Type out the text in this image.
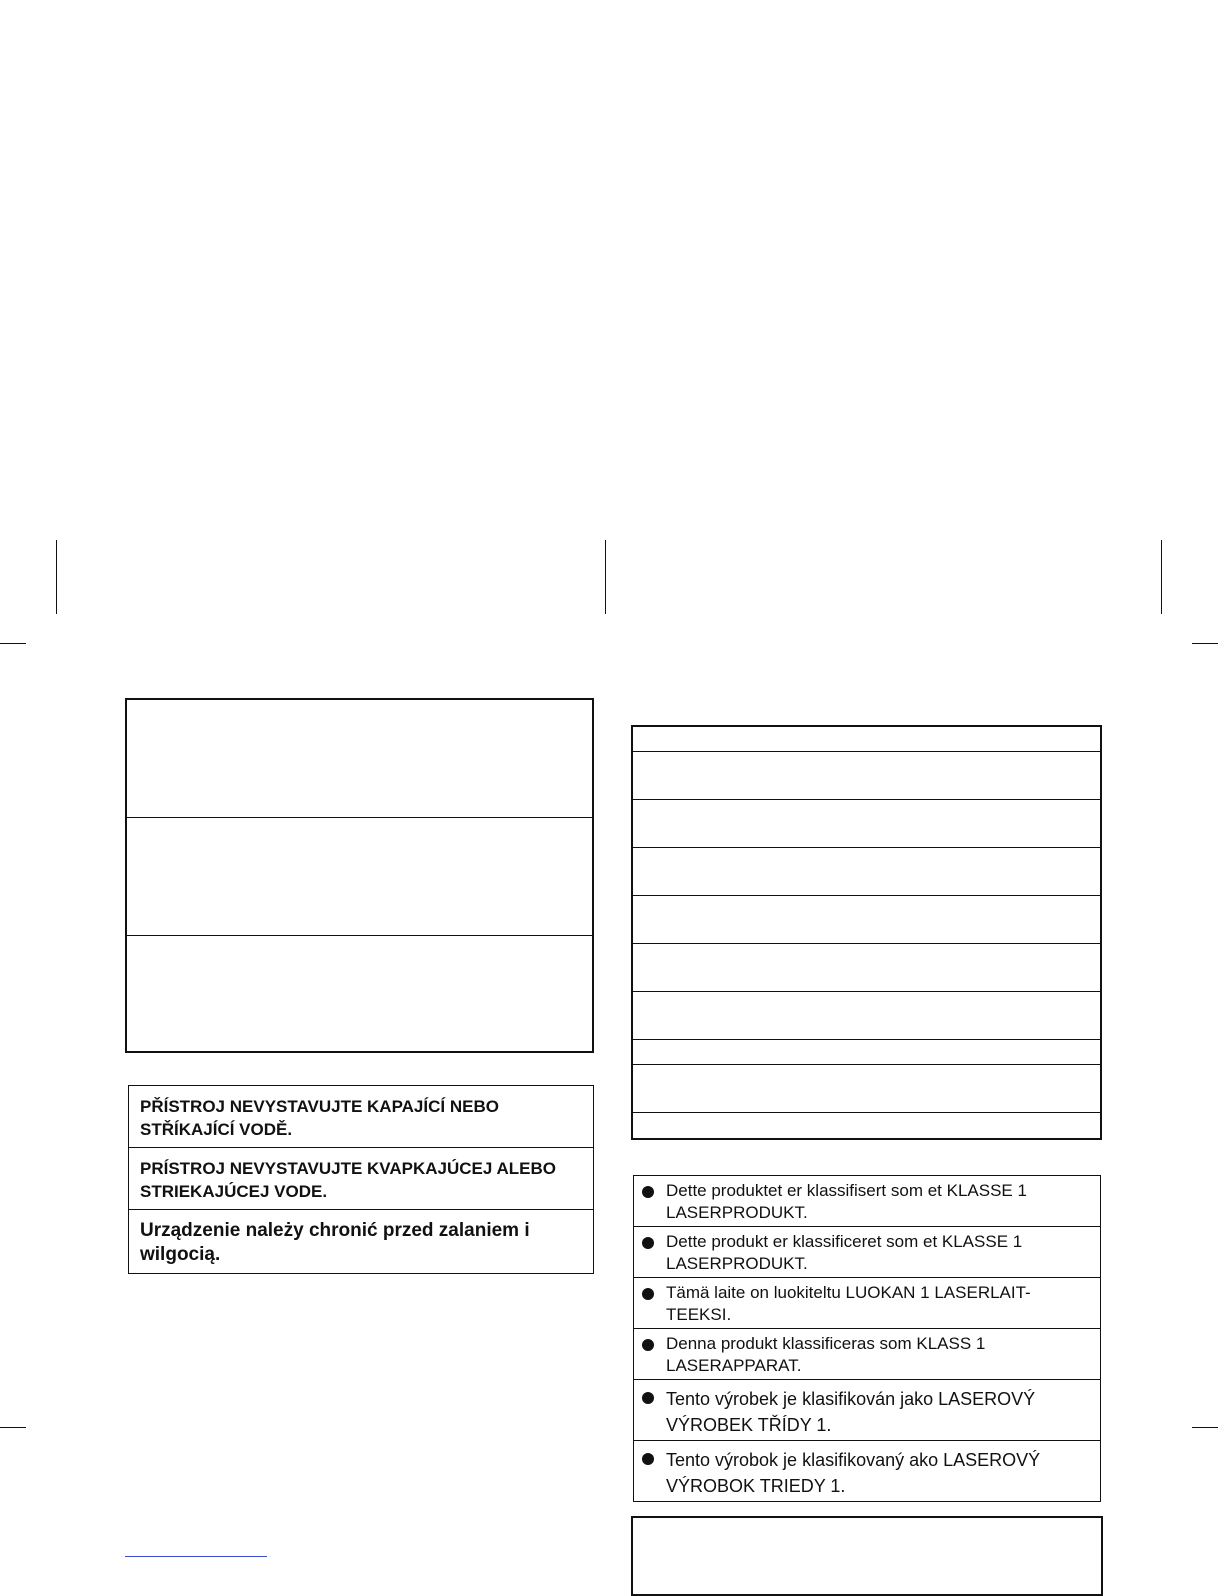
PŘÍSTROJ NEVYSTAVUJTE KAPAJÍCÍ NEBO STŘÍKAJÍCÍ VODĚ.
PRÍSTROJ NEVYSTAVUJTE KVAPKAJÚCEJ ALEBO STRIEKAJÚCEJ VODE.
Urządzenie należy chronić przed zalaniem i wilgocią.
Dette produktet er klassifisert som et KLASSE 1 LASERPRODUKT.
Dette produkt er klassificeret som et KLASSE 1 LASERPRODUKT.
Tämä laite on luokiteltu LUOKAN 1 LASERLAIT-TEEKSI.
Denna produkt klassificeras som KLASS 1 LASERAPPARAT.
Tento výrobek je klasifikován jako LASEROVÝ VÝROBEK TŘÍDY 1.
Tento výrobok je klasifikovaný ako LASEROVÝ VÝROBOK TRIEDY 1.
